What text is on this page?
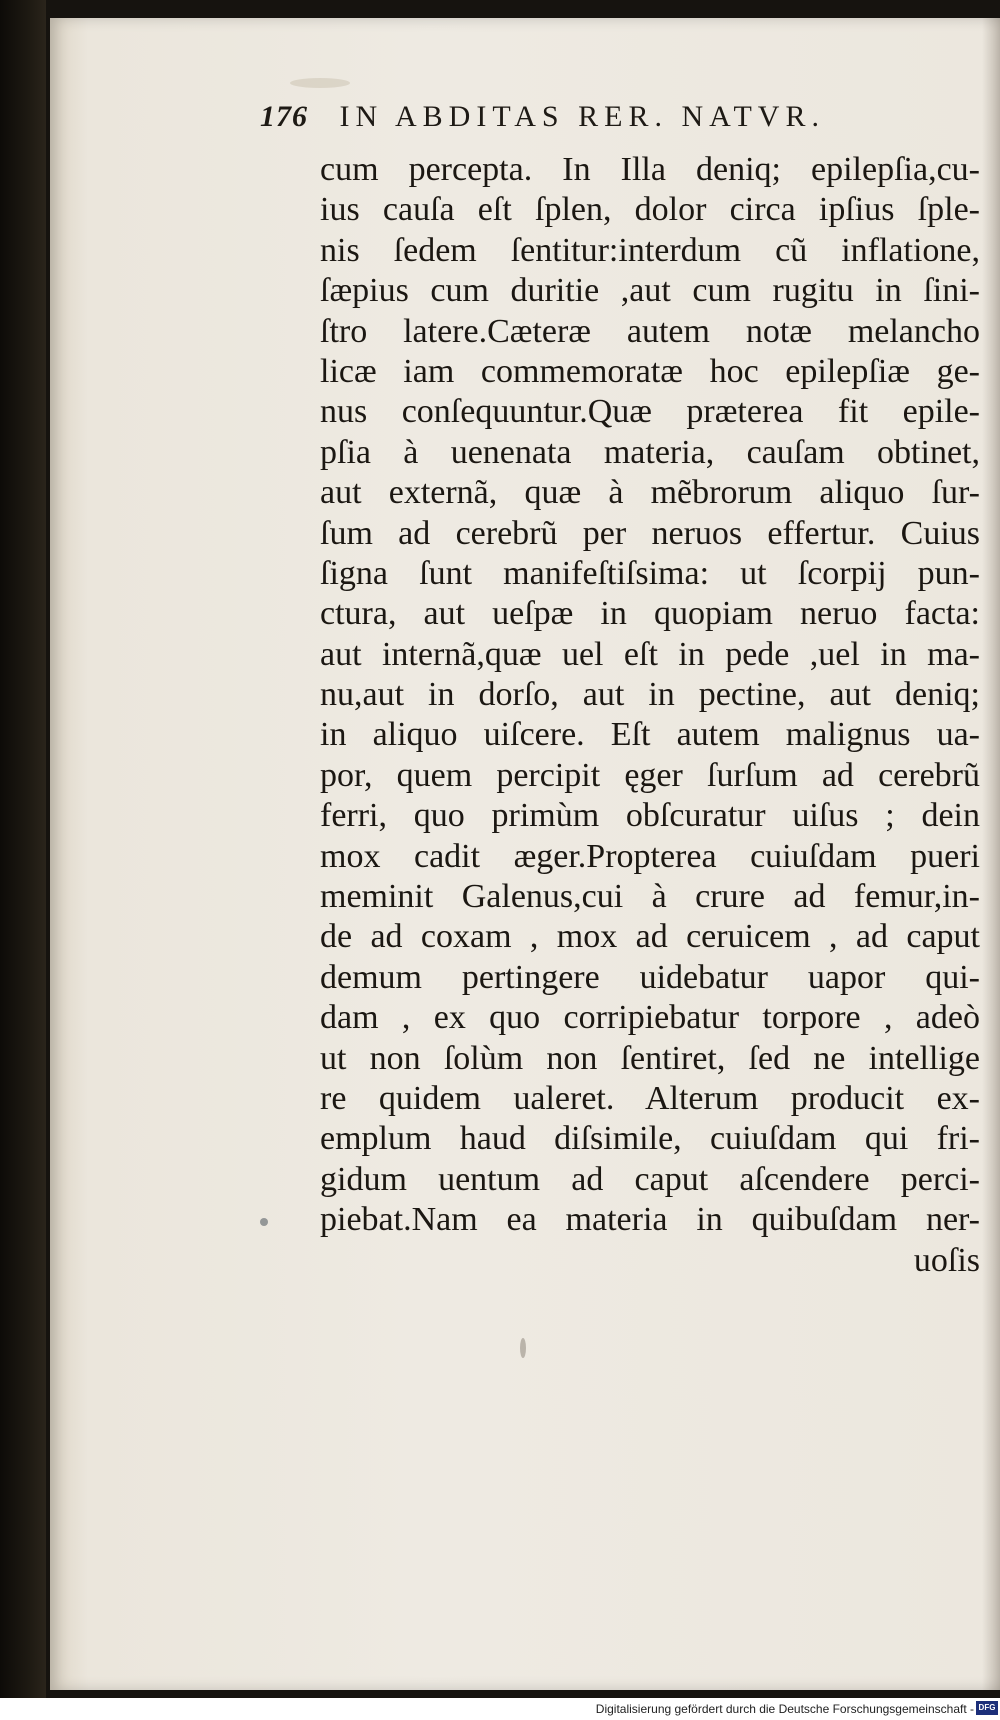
176 IN ABDITAS RER. NATVR.
cum percepta. In Illa deniq; epilepſia,cu-
ius cauſa eſt ſplen, dolor circa ipſius ſple-
nis ſedem ſentitur:interdum cũ inflatione,
ſæpius cum duritie ,aut cum rugitu in ſini-
ſtro latere.Cæteræ autem notæ melancho
licæ iam commemoratæ hoc epilepſiæ ge-
nus conſequuntur.Quæ præterea fit epile-
pſia à uenenata materia, cauſam obtinet,
aut externã, quæ à mẽbrorum aliquo ſur-
ſum ad cerebrũ per neruos effertur. Cuius
ſigna ſunt manifeſtiſsima: ut ſcorpij pun-
ctura, aut ueſpæ in quopiam neruo facta:
aut internã,quæ uel eſt in pede ,uel in ma-
nu,aut in dorſo, aut in pectine, aut deniq;
in aliquo uiſcere. Eſt autem malignus ua-
por, quem percipit ęger ſurſum ad cerebrũ
ferri, quo primùm obſcuratur uiſus ; dein
mox cadit æger.Propterea cuiuſdam pueri
meminit Galenus,cui à crure ad femur,in-
de ad coxam , mox ad ceruicem , ad caput
demum pertingere uidebatur uapor qui-
dam , ex quo corripiebatur torpore , adeò
ut non ſolùm non ſentiret, ſed ne intellige
re quidem ualeret. Alterum producit ex-
emplum haud diſsimile, cuiuſdam qui fri-
gidum uentum ad caput aſcendere perci-
piebat.Nam ea materia in quibuſdam ner-
uoſis
Digitalisierung gefördert durch die Deutsche Forschungsgemeinschaft - DFG
